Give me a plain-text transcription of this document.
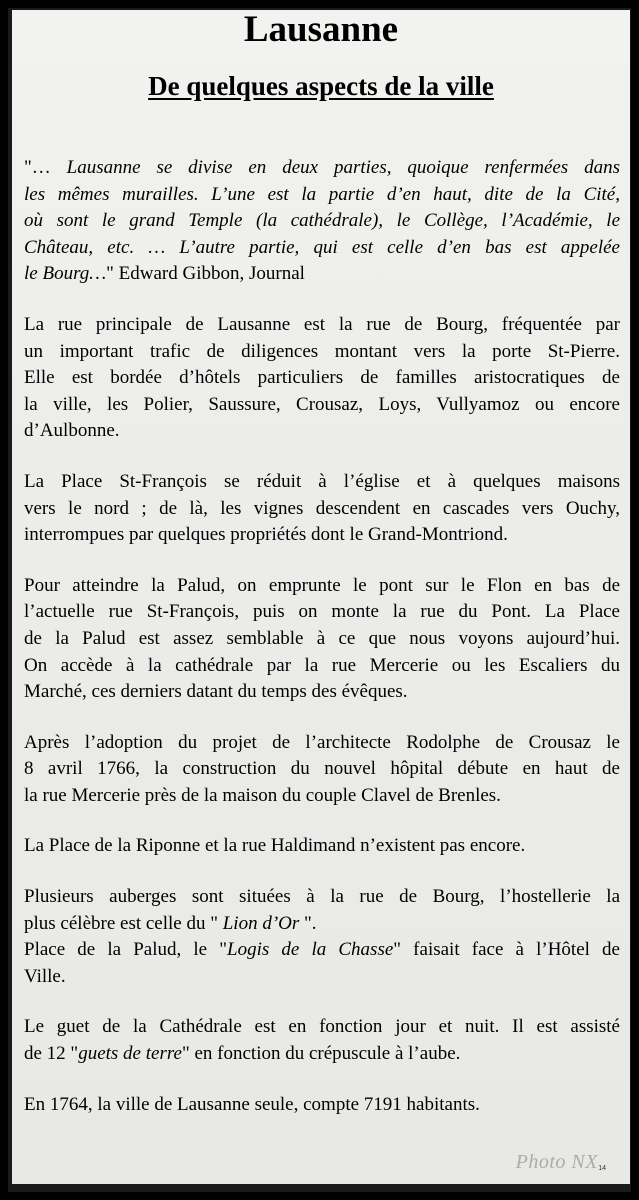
Lausanne
De quelques aspects de la ville
"… Lausanne se divise en deux parties, quoique renfermées dans
les mêmes murailles. L’une est la partie d’en haut, dite de la Cité,
où sont le grand Temple (la cathédrale), le Collège, l’Académie, le
Château, etc. … L’autre partie, qui est celle d’en bas est appelée
le Bourg…" Edward Gibbon, Journal
La rue principale de Lausanne est la rue de Bourg, fréquentée par
un important trafic de diligences montant vers la porte St-Pierre.
Elle est bordée d’hôtels particuliers de familles aristocratiques de
la ville, les Polier, Saussure, Crousaz, Loys, Vullyamoz ou encore
d’Aulbonne.
La Place St-François se réduit à l’église et à quelques maisons
vers le nord ; de là, les vignes descendent en cascades vers Ouchy,
interrompues par quelques propriétés dont le Grand-Montriond.
Pour atteindre la Palud, on emprunte le pont sur le Flon en bas de
l’actuelle rue St-François, puis on monte la rue du Pont. La Place
de la Palud est assez semblable à ce que nous voyons aujourd’hui.
On accède à la cathédrale par la rue Mercerie ou les Escaliers du
Marché, ces derniers datant du temps des évêques.
Après l’adoption du projet de l’architecte Rodolphe de Crousaz le
8 avril 1766, la construction du nouvel hôpital débute en haut de
la rue Mercerie près de la maison du couple Clavel de Brenles.
La Place de la Riponne et la rue Haldimand n’existent pas encore.
Plusieurs auberges sont situées à la rue de Bourg, l’hostellerie la
plus célèbre est celle du " Lion d’Or ".
Place de la Palud, le "Logis de la Chasse" faisait face à l’Hôtel de
Ville.
Le guet de la Cathédrale est en fonction jour et nuit. Il est assisté
de 12 "guets de terre" en fonction du crépuscule à l’aube.
En 1764, la ville de Lausanne seule, compte 7191 habitants.
Photo NX 14
